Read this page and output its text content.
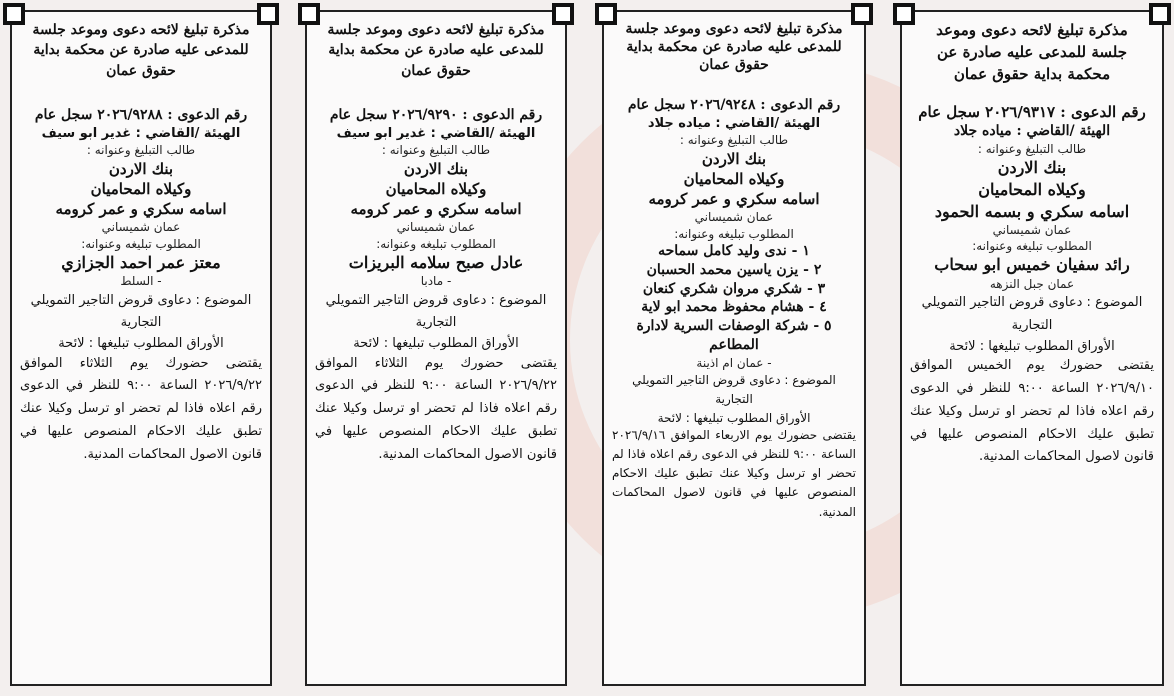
مذكرة تبليغ لائحه دعوى وموعد جلسة للمدعى عليه صادرة عن محكمة بداية حقوق عمان

رقم الدعوى : ٢٠٢٦/٩٣١٧ سجل عام

الهيئة /القاضي : مياده جلاد

طالب التبليغ وعنوانه :

بنك الاردن

وكيلاه المحاميان

اسامه سكري و بسمه الحمود

عمان شميساني

المطلوب تبليغه وعنوانه:

رائد سفيان خميس ابو سحاب

عمان جبل النزهه

الموضوع : دعاوى قروض التاجير التمويلي التجارية

الأوراق المطلوب تبليغها : لائحة

يقتضى حضورك يوم الخميس الموافق ٢٠٢٦/٩/١٠ الساعة ٩:٠٠ للنظر في الدعوى رقم اعلاه فاذا لم تحضر او ترسل وكيلا عنك تطبق عليك الاحكام المنصوص عليها في قانون لاصول المحاكمات المدنية.

مذكرة تبليغ لائحه دعوى وموعد جلسة للمدعى عليه صادرة عن محكمة بداية حقوق عمان

رقم الدعوى : ٢٠٢٦/٩٢٤٨ سجل عام

الهيئة /القاضي : مياده جلاد

طالب التبليغ وعنوانه :

بنك الاردن

وكيلاه المحاميان

اسامه سكري و عمر كرومه

عمان شميساني

المطلوب تبليغه وعنوانه:

١ - ندى وليد كامل سماحه

٢ - يزن ياسين محمد الحسبان

٣ - شكري مروان شكري كنعان

٤ - هشام محفوظ محمد ابو لاية

٥ - شركة الوصفات السرية لادارة المطاعم

- عمان ام اذينة

الموضوع : دعاوى قروض التاجير التمويلي التجارية

الأوراق المطلوب تبليغها : لائحة

يقتضى حضورك يوم الاربعاء الموافق ٢٠٢٦/٩/١٦ الساعة ٩:٠٠ للنظر في الدعوى رقم اعلاه فاذا لم تحضر او ترسل وكيلا عنك تطبق عليك الاحكام المنصوص عليها في قانون لاصول المحاكمات المدنية.

مذكرة تبليغ لائحه دعوى وموعد جلسة للمدعى عليه صادرة عن محكمة بداية حقوق عمان

رقم الدعوى : ٢٠٢٦/٩٢٩٠ سجل عام

الهيئة /القاضي : غدير ابو سيف

طالب التبليغ وعنوانه :

بنك الاردن

وكيلاه المحاميان

اسامه سكري و عمر كرومه

عمان شميساني

المطلوب تبليغه وعنوانه:

عادل صبح سلامه البريزات

- مادبا

الموضوع : دعاوى قروض التاجير التمويلي التجارية

الأوراق المطلوب تبليغها : لائحة

يقتضى حضورك يوم الثلاثاء الموافق ٢٠٢٦/٩/٢٢ الساعة ٩:٠٠ للنظر في الدعوى رقم اعلاه فاذا لم تحضر او ترسل وكيلا عنك تطبق عليك الاحكام المنصوص عليها في قانون الاصول المحاكمات المدنية.

مذكرة تبليغ لائحه دعوى وموعد جلسة للمدعى عليه صادرة عن محكمة بداية حقوق عمان

رقم الدعوى : ٢٠٢٦/٩٢٨٨ سجل عام

الهيئة /القاضي : غدير ابو سيف

طالب التبليغ وعنوانه :

بنك الاردن

وكيلاه المحاميان

اسامه سكري و عمر كرومه

عمان شميساني

المطلوب تبليغه وعنوانه:

معتز عمر احمد الجزازي

- السلط

الموضوع : دعاوى قروض التاجير التمويلي التجارية

الأوراق المطلوب تبليغها : لائحة

يقتضى حضورك يوم الثلاثاء الموافق ٢٠٢٦/٩/٢٢ الساعة ٩:٠٠ للنظر في الدعوى رقم اعلاه فاذا لم تحضر او ترسل وكيلا عنك تطبق عليك الاحكام المنصوص عليها في قانون الاصول المحاكمات المدنية.
